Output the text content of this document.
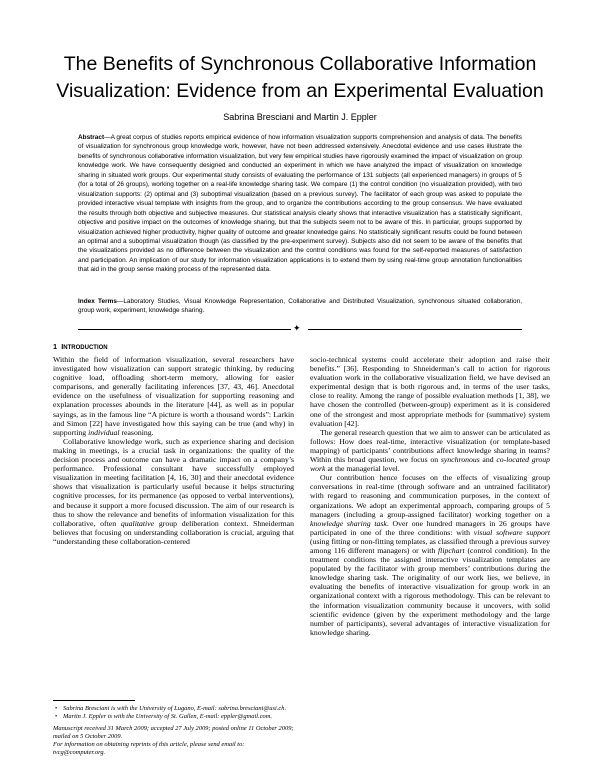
The Benefits of Synchronous Collaborative Information
Visualization: Evidence from an Experimental Evaluation
Sabrina Bresciani and Martin J. Eppler
Abstract—A great corpus of studies reports empirical evidence of how information visualization supports comprehension and analysis of data. The benefits of visualization for synchronous group knowledge work, however, have not been addressed extensively. Anecdotal evidence and use cases illustrate the benefits of synchronous collaborative information visualization, but very few empirical studies have rigorously examined the impact of visualization on group knowledge work. We have consequently designed and conducted an experiment in which we have analyzed the impact of visualization on knowledge sharing in situated work groups. Our experimental study consists of evaluating the performance of 131 subjects (all experienced managers) in groups of 5 (for a total of 26 groups), working together on a real-life knowledge sharing task. We compare (1) the control condition (no visualization provided), with two visualization supports: (2) optimal and (3) suboptimal visualization (based on a previous survey). The facilitator of each group was asked to populate the provided interactive visual template with insights from the group, and to organize the contributions according to the group consensus. We have evaluated the results through both objective and subjective measures. Our statistical analysis clearly shows that interactive visualization has a statistically significant, objective and positive impact on the outcomes of knowledge sharing, but that the subjects seem not to be aware of this. In particular, groups supported by visualization achieved higher productivity, higher quality of outcome and greater knowledge gains. No statistically significant results could be found between an optimal and a suboptimal visualization though (as classified by the pre-experiment survey). Subjects also did not seem to be aware of the benefits that the visualizations provided as no difference between the visualization and the control conditions was found for the self-reported measures of satisfaction and participation. An implication of our study for information visualization applications is to extend them by using real-time group annotation functionalities that aid in the group sense making process of the represented data.
Index Terms—Laboratory Studies, Visual Knowledge Representation, Collaborative and Distributed Visualization, synchronous situated collaboration, group work, experiment, knowledge sharing.
✦
1 INTRODUCTION

Within the field of information visualization, several researchers have investigated how visualization can support strategic thinking, by reducing cognitive load, offloading short-term memory, allowing for easier comparisons, and generally facilitating inferences [37, 43, 46]. Anecdotal evidence on the usefulness of visualization for supporting reasoning and explanation processes abounds in the literature [44], as well as in popular sayings, as in the famous line “A picture is worth a thousand words”: Larkin and Simon [22] have investigated how this saying can be true (and why) in supporting individual reasoning.

Collaborative knowledge work, such as experience sharing and decision making in meetings, is a crucial task in organizations: the quality of the decision process and outcome can have a dramatic impact on a company’s performance. Professional consultant have successfully employed visualization in meeting facilitation [4, 16, 30] and their anecdotal evidence shows that visualization is particularly useful because it helps structuring cognitive processes, for its permanence (as opposed to verbal interventions), and because it support a more focused discussion. The aim of our research is thus to show the relevance and benefits of information visualization for this collaborative, often qualitative group deliberation context. Shneiderman believes that focusing on understanding collaboration is crucial, arguing that “understanding these collaboration-centered

• Sabrina Bresciani is with the University of Lugano, E-mail: sabrina.bresciani@usi.ch.
• Martin J. Eppler is with the University of St. Gallen, E-mail: eppler@gmail.com.
Manuscript received 31 March 2009; accepted 27 July 2009; posted online 11 October 2009; mailed on 5 October 2009.
For information on obtaining reprints of this article, please send email to: tvcg@computer.org.

socio-technical systems could accelerate their adoption and raise their benefits.” [36]. Responding to Shneiderman’s call to action for rigorous evaluation work in the collaborative visualization field, we have devised an experimental design that is both rigorous and, in terms of the user tasks, close to reality. Among the range of possible evaluation methods [1, 38], we have chosen the controlled (between-group) experiment as it is considered one of the strongest and most appropriate methods for (summative) system evaluation [42].

The general research question that we aim to answer can be articulated as follows: How does real-time, interactive visualization (or template-based mapping) of participants’ contributions affect knowledge sharing in teams? Within this broad question, we focus on synchronous and co-located group work at the managerial level.

Our contribution hence focuses on the effects of visualizing group conversations in real-time (through software and an untrained facilitator) with regard to reasoning and communication purposes, in the context of organizations. We adopt an experimental approach, comparing groups of 5 managers (including a group-assigned facilitator) working together on a knowledge sharing task. Over one hundred managers in 26 groups have participated in one of the three conditions: with visual software support (using fitting or non-fitting templates, as classified through a previous survey among 116 different managers) or with flipchart (control condition). In the treatment conditions the assigned interactive visualization templates are populated by the facilitator with group members’ contributions during the knowledge sharing task. The originality of our work lies, we believe, in evaluating the benefits of interactive visualization for group work in an organizational context with a rigorous methodology. This can be relevant to the information visualization community because it uncovers, with solid scientific evidence (given by the experiment methodology and the large number of participants), several advantages of interactive visualization for knowledge sharing.
